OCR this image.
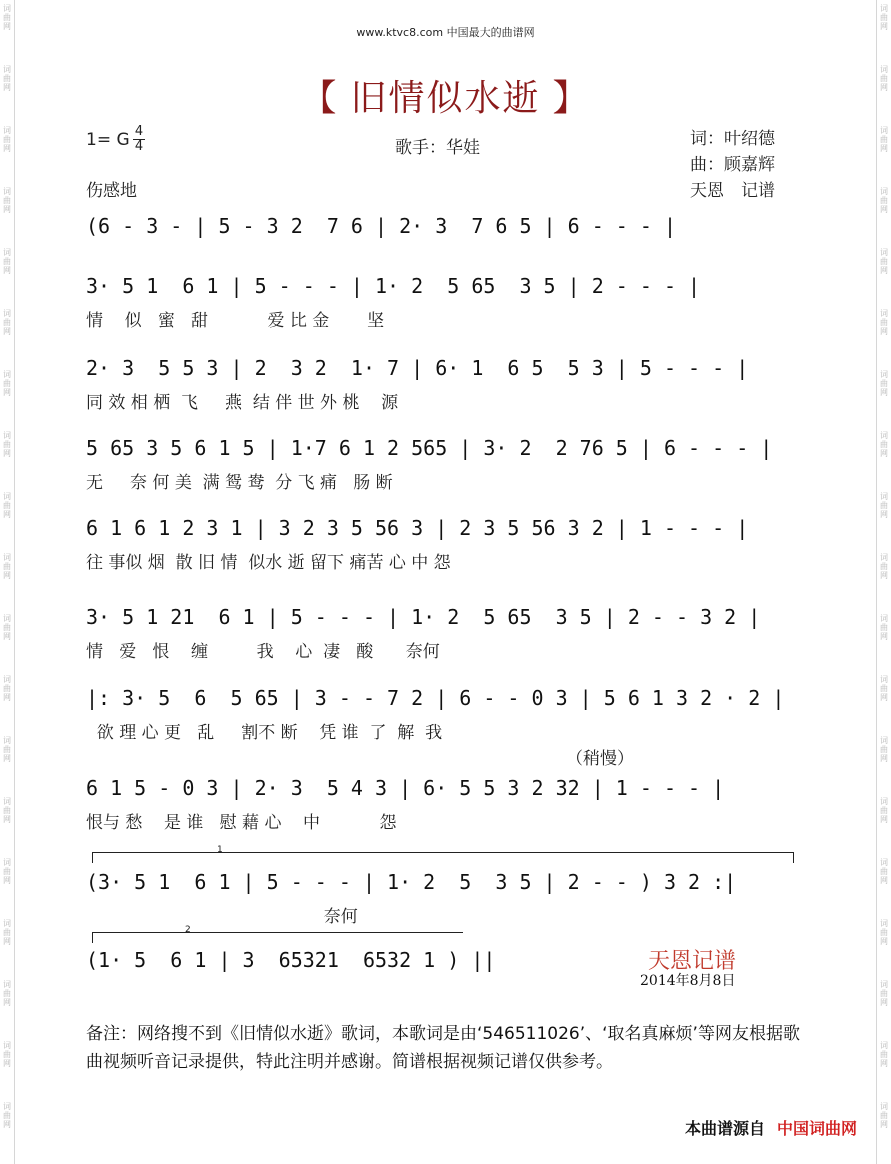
词
曲
网
词
曲
网
词
曲
网
词
曲
网
词
曲
网
词
曲
网
词
曲
网
词
曲
网
词
曲
网
词
曲
网
词
曲
网
词
曲
网
词
曲
网
词
曲
网
词
曲
网
词
曲
网
词
曲
网
词
曲
网
词
曲
网
词
曲
网
词
曲
网
词
曲
网
词
曲
网
词
曲
网
词
曲
网
词
曲
网
词
曲
网
词
曲
网
词
曲
网
词
曲
网
词
曲
网
词
曲
网
词
曲
网
词
曲
网
词
曲
网
词
曲
网
词
曲
网
词
曲
网
www.ktvc8.com 中国最大的曲谱网
【 旧情似水逝 】
1= G 4
4	歌手：华娃	词：叶绍德
曲：顾嘉辉
天恩　记谱
伤感地
(6 - 3 - | 5 - 3 2  7 6 | 2· 3  7 6 5 | 6 - - - |
3· 5 1  6 1 | 5 - - - | 1· 2  5 65  3 5 | 2 - - - |
情    似   蜜   甜           爱 比 金       坚
2· 3  5 5 3 | 2  3 2  1· 7 | 6· 1  6 5  5 3 | 5 - - - |
同 效 相 栖  飞     燕  结 伴 世 外 桃    源
5 65 3 5 6 1 5 | 1·7 6 1 2 565 | 3· 2  2 76 5 | 6 - - - |
无     奈 何 美  满 鸳 鸯  分 飞 痛   肠 断
6 1 6 1 2 3 1 | 3 2 3 5 56 3 | 2 3 5 56 3 2 | 1 - - - |
往 事似 烟  散 旧 情  似水 逝 留下 痛苦 心 中 怨
3· 5 1 21  6 1 | 5 - - - | 1· 2  5 65  3 5 | 2 - - 3 2 |
情   爱   恨    缠         我    心  凄   酸      奈何
|: 3· 5  6  5 65 | 3 - - 7 2 | 6 - - 0 3 | 5 6 1 3 2 · 2 |
欲 理 心 更   乱     割不 断    凭 谁  了  解  我
6 1 5 - 0 3 | 2· 3  5 4 3 | 6· 5 5 3 2 32 | 1 - - - |
恨与 愁    是 谁   慰 藉 心    中           怨
(3· 5 1  6 1 | 5 - - - | 1· 2  5  3 5 | 2 - - ) 3 2 :|
奈何
(1· 5  6 1 | 3  65321  6532 1 ) ||
（稍慢）
1
2
天恩记谱
2014年8月8日
备注：网络搜不到《旧情似水逝》歌词，本歌词是由‘546511026’、‘取名真麻烦’等网友根据歌曲视频听音记录提供，特此注明并感谢。简谱根据视频记谱仅供参考。
本曲谱源自 中国词曲网
